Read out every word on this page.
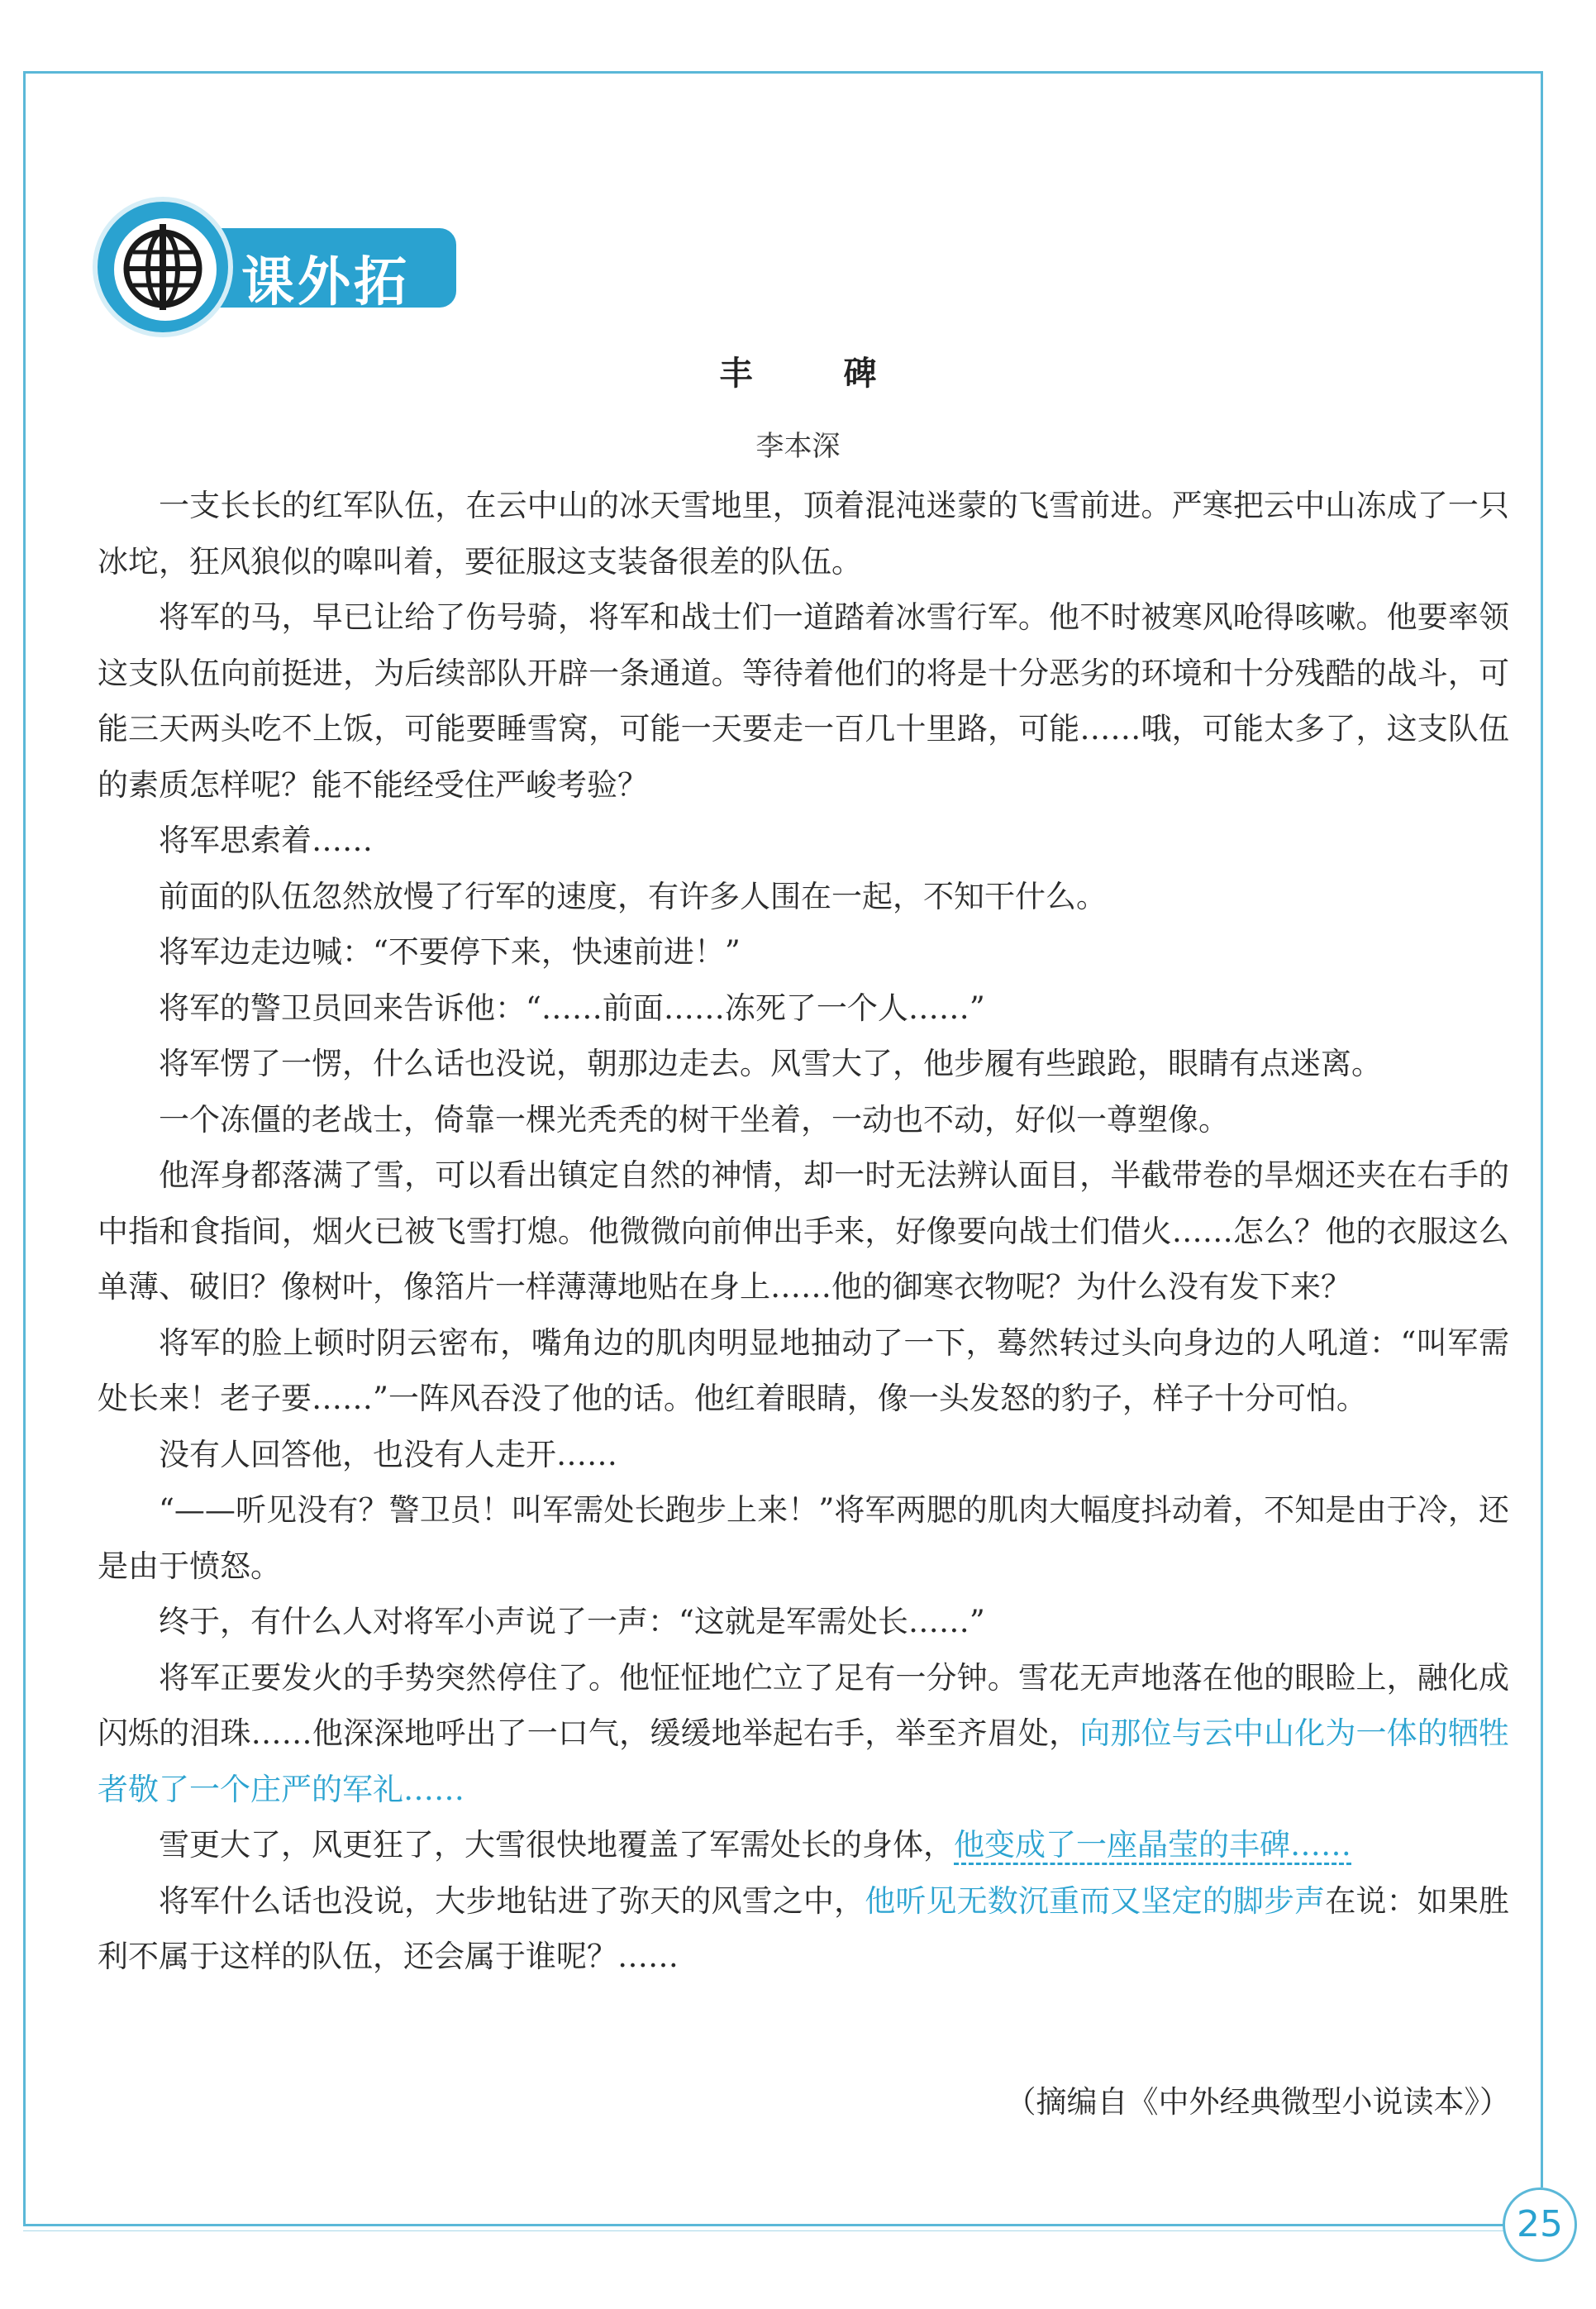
课外拓展	丰 碑
李本深

一支长长的红军队伍，在云中山的冰天雪地里，顶着混沌迷蒙的飞雪前进。严寒把云中山冻成了一只冰坨，狂风狼似的嗥叫着，要征服这支装备很差的队伍。

将军的马，早已让给了伤号骑，将军和战士们一道踏着冰雪行军。他不时被寒风呛得咳嗽。他要率领这支队伍向前挺进，为后续部队开辟一条通道。等待着他们的将是十分恶劣的环境和十分残酷的战斗，可能三天两头吃不上饭，可能要睡雪窝，可能一天要走一百几十里路，可能……哦，可能太多了，这支队伍的素质怎样呢？能不能经受住严峻考验？

将军思索着……

前面的队伍忽然放慢了行军的速度，有许多人围在一起，不知干什么。

将军边走边喊：“不要停下来，快速前进！”

将军的警卫员回来告诉他：“……前面……冻死了一个人……”

将军愣了一愣，什么话也没说，朝那边走去。风雪大了，他步履有些踉跄，眼睛有点迷离。

一个冻僵的老战士，倚靠一棵光秃秃的树干坐着，一动也不动，好似一尊塑像。

他浑身都落满了雪，可以看出镇定自然的神情，却一时无法辨认面目，半截带卷的旱烟还夹在右手的中指和食指间，烟火已被飞雪打熄。他微微向前伸出手来，好像要向战士们借火……怎么？他的衣服这么单薄、破旧？像树叶，像箔片一样薄薄地贴在身上……他的御寒衣物呢？为什么没有发下来？

将军的脸上顿时阴云密布，嘴角边的肌肉明显地抽动了一下，蓦然转过头向身边的人吼道：“叫军需处长来！老子要……”一阵风吞没了他的话。他红着眼睛，像一头发怒的豹子，样子十分可怕。

没有人回答他，也没有人走开……

“——听见没有？警卫员！叫军需处长跑步上来！”将军两腮的肌肉大幅度抖动着，不知是由于冷，还是由于愤怒。

终于，有什么人对将军小声说了一声：“这就是军需处长……”

将军正要发火的手势突然停住了。他怔怔地伫立了足有一分钟。雪花无声地落在他的眼睑上，融化成闪烁的泪珠……他深深地呼出了一口气，缓缓地举起右手，举至齐眉处，向那位与云中山化为一体的牺牲者敬了一个庄严的军礼……

雪更大了，风更狂了，大雪很快地覆盖了军需处长的身体，他变成了一座晶莹的丰碑……

将军什么话也没说，大步地钻进了弥天的风雪之中，他听见无数沉重而又坚定的脚步声在说：如果胜利不属于这样的队伍，还会属于谁呢？……

（摘编自《中外经典微型小说读本》）
25
